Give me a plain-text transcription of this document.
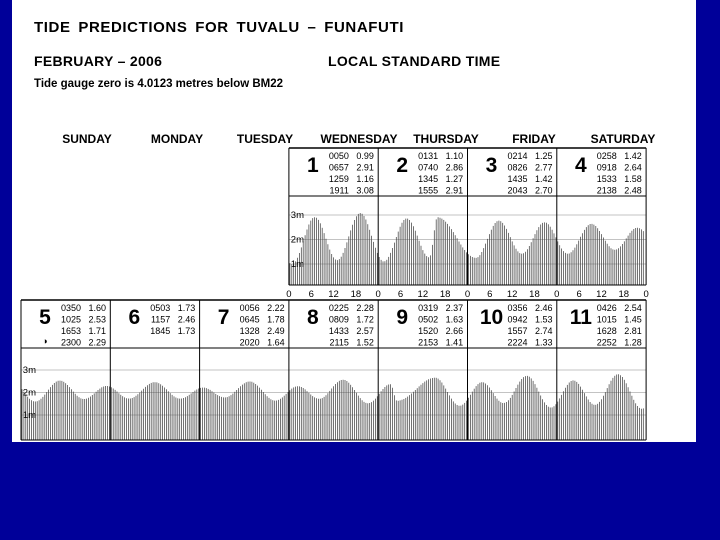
TIDE PREDICTIONS FOR TUVALU – FUNAFUTI
FEBRUARY – 2006	LOCAL STANDARD TIME
Tide gauge zero is 4.0123 metres below BM22
SUNDAY	MONDAY	TUESDAY	WEDNESDAY	THURSDAY	FRIDAY	SATURDAY
1m
2m
3m
1m
2m
3m
0 6 12 18 0 6 12 18 0 6 12 18 0 6 12 18 0
1 0050 0.99
0657 2.91
1259 1.16
1911 3.08
2 0131 1.10
0740 2.86
1345 1.27
1555 2.91
3 0214 1.25
0826 2.77
1435 1.42
2043 2.70
4 0258 1.42
0918 2.64
1533 1.58
2138 2.48
5 0350 1.60
1025 2.53
1653 1.71
2300 2.29
◑
6 0503 1.73
1157 2.46
1845 1.73
7 0056 2.22
0645 1.78
1328 2.49
2020 1.64
8 0225 2.28
0809 1.72
1433 2.57
2115 1.52
9 0319 2.37
0502 1.63
1520 2.66
2153 1.41
10 0356 2.46
0942 1.53
1557 2.74
2224 1.33
11 0426 2.54
1015 1.45
1628 2.81
2252 1.28
